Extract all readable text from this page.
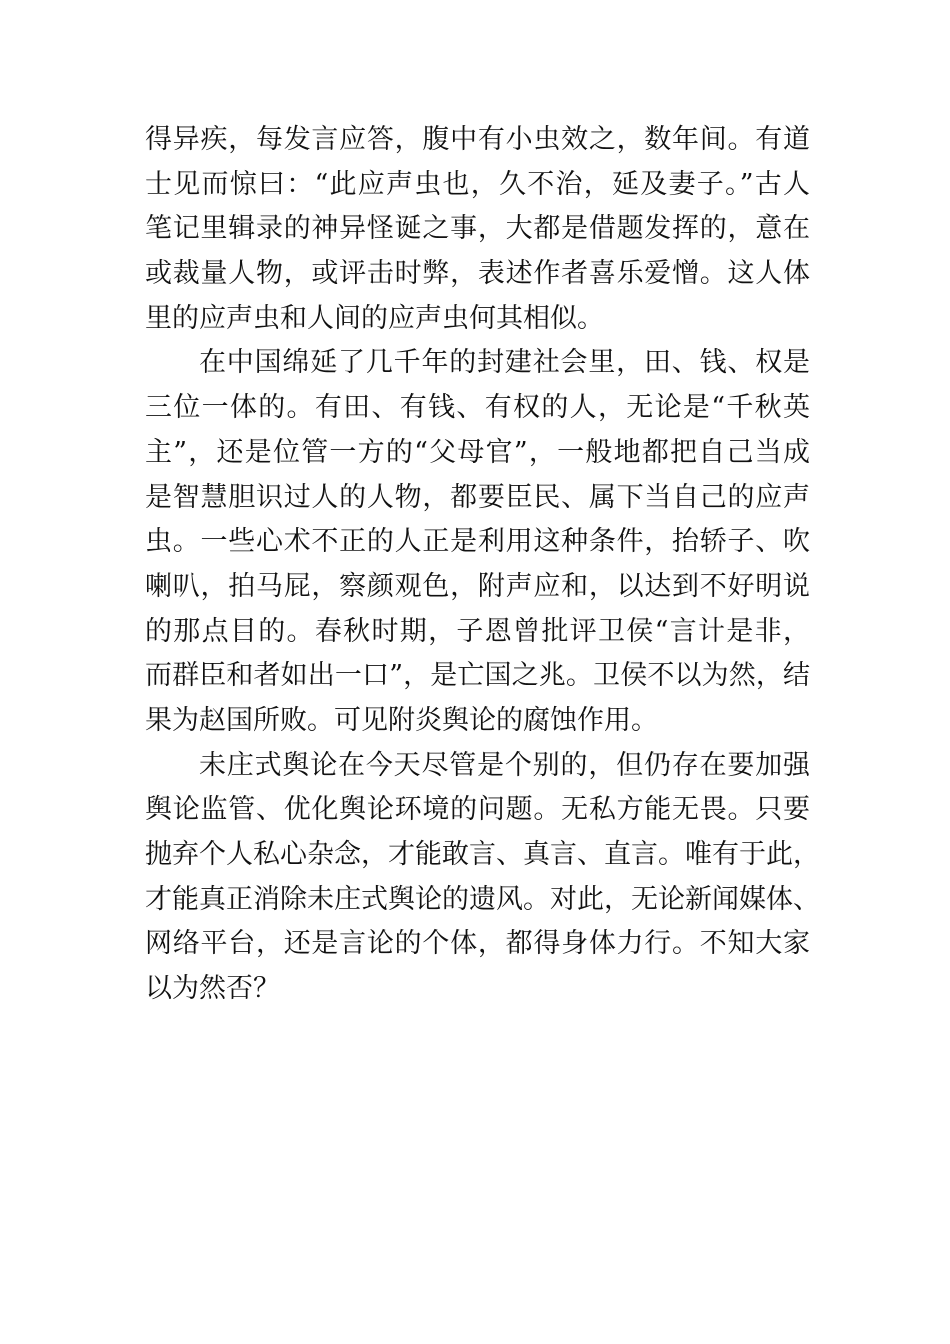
得异疾，每发言应答，腹中有小虫效之，数年间。有道
士见而惊曰：“此应声虫也，久不治，延及妻子。”古人
笔记里辑录的神异怪诞之事，大都是借题发挥的，意在
或裁量人物，或评击时弊，表述作者喜乐爱憎。这人体
里的应声虫和人间的应声虫何其相似。
在中国绵延了几千年的封建社会里，田、钱、权是
三位一体的。有田、有钱、有权的人，无论是“千秋英
主”，还是位管一方的“父母官”，一般地都把自己当成
是智慧胆识过人的人物，都要臣民、属下当自己的应声
虫。一些心术不正的人正是利用这种条件，抬轿子、吹
喇叭，拍马屁，察颜观色，附声应和，以达到不好明说
的那点目的。春秋时期，子恩曾批评卫侯“言计是非，
而群臣和者如出一口”，是亡国之兆。卫侯不以为然，结
果为赵国所败。可见附炎舆论的腐蚀作用。
未庄式舆论在今天尽管是个别的，但仍存在要加强
舆论监管、优化舆论环境的问题。无私方能无畏。只要
抛弃个人私心杂念，才能敢言、真言、直言。唯有于此，
才能真正消除未庄式舆论的遗风。对此，无论新闻媒体、
网络平台，还是言论的个体，都得身体力行。不知大家
以为然否？
